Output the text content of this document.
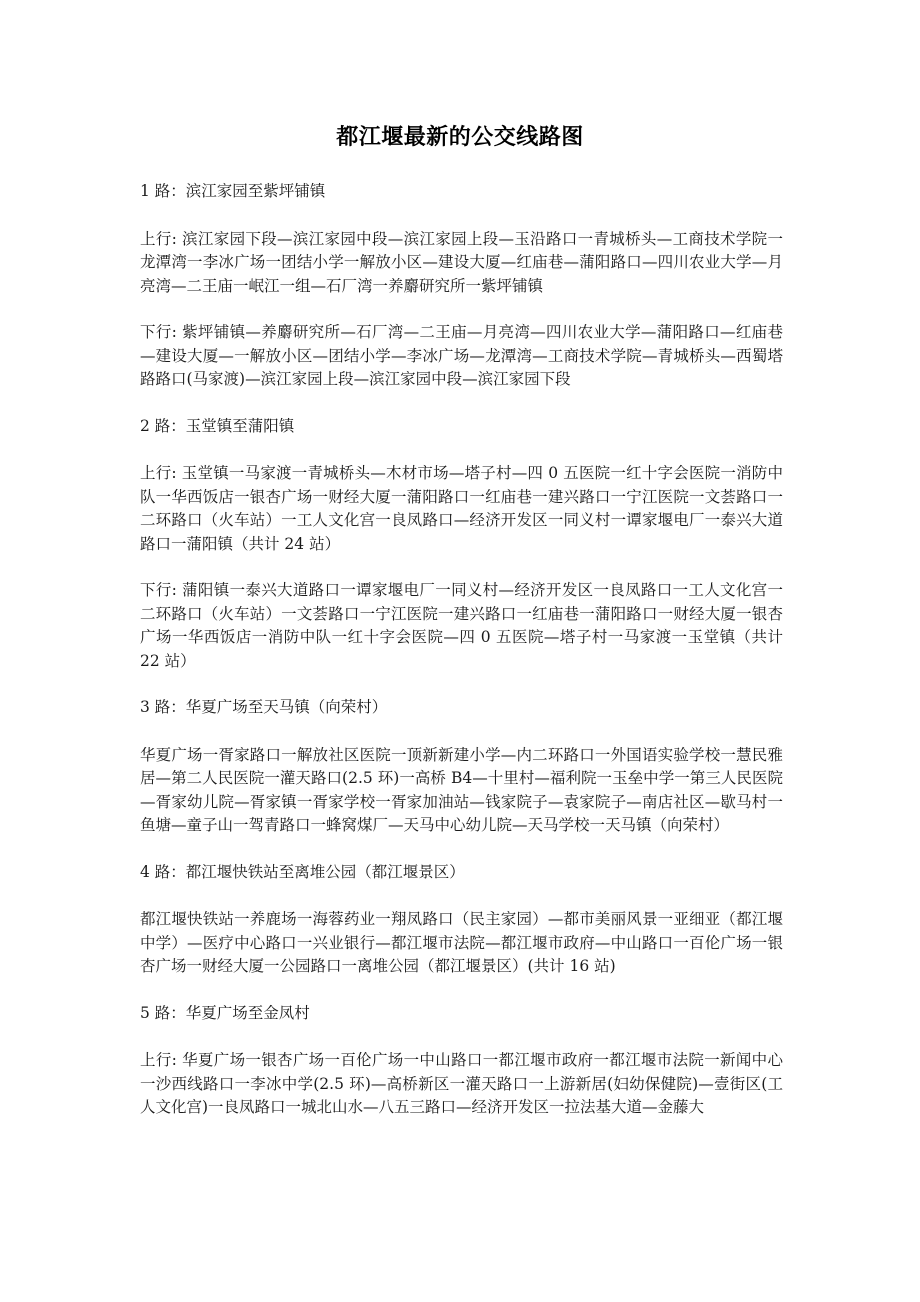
都江堰最新的公交线路图
1 路：滨江家园至紫坪铺镇
上行: 滨江家园下段—滨江家园中段—滨江家园上段—玉沿路口一青城桥头—工商技术学院一龙潭湾一李冰广场一团结小学一解放小区—建设大厦—红庙巷—蒲阳路口—四川农业大学—月亮湾—二王庙一岷江一组—石厂湾一养麝研究所一紫坪铺镇
下行: 紫坪铺镇—养麝研究所—石厂湾—二王庙—月亮湾—四川农业大学—蒲阳路口—红庙巷—建设大厦—一解放小区—团结小学—李冰广场—龙潭湾—工商技术学院—青城桥头—西蜀塔路路口(马家渡)—滨江家园上段—滨江家园中段—滨江家园下段
2 路：玉堂镇至蒲阳镇
上行: 玉堂镇一马家渡一青城桥头—木材市场—塔子村—四 0 五医院一红十字会医院一消防中队一华西饭店一银杏广场一财经大厦一蒲阳路口一红庙巷一建兴路口一宁江医院一文荟路口一二环路口（火车站）一工人文化宫一良凤路口—经济开发区一同义村一谭家堰电厂一泰兴大道路口一蒲阳镇（共计 24 站）
下行: 蒲阳镇一泰兴大道路口一谭家堰电厂一同义村—经济开发区一良凤路口一工人文化宫一二环路口（火车站）一文荟路口一宁江医院一建兴路口一红庙巷一蒲阳路口一财经大厦一银杏广场一华西饭店一消防中队一红十字会医院—四 0 五医院—塔子村一马家渡一玉堂镇（共计 22 站）
3 路：华夏广场至天马镇（向荣村）
华夏广场一胥家路口一解放社区医院一顶新新建小学—内二环路口一外国语实验学校一慧民雅居—第二人民医院一灌天路口(2.5 环)一高桥 B4—十里村—福利院一玉垒中学一第三人民医院—胥家幼儿院—胥家镇一胥家学校一胥家加油站—钱家院子—袁家院子—南店社区—歇马村一鱼塘—童子山一驾青路口一蜂窝煤厂—天马中心幼儿院—天马学校一天马镇（向荣村）
4 路：都江堰快铁站至离堆公园（都江堰景区）
都江堰快铁站一养鹿场一海蓉药业一翔凤路口（民主家园）—都市美丽风景一亚细亚（都江堰中学）—医疗中心路口一兴业银行—都江堰市法院—都江堰市政府—中山路口一百伦广场一银杏广场一财经大厦一公园路口一离堆公园（都江堰景区）(共计 16 站)
5 路：华夏广场至金凤村
上行: 华夏广场一银杏广场一百伦广场一中山路口一都江堰市政府一都江堰市法院一新闻中心一沙西线路口一李冰中学(2.5 环)—高桥新区一灌天路口一上游新居(妇幼保健院)—壹街区(工人文化宫)一良凤路口一城北山水—八五三路口—经济开发区一拉法基大道—金藤大
